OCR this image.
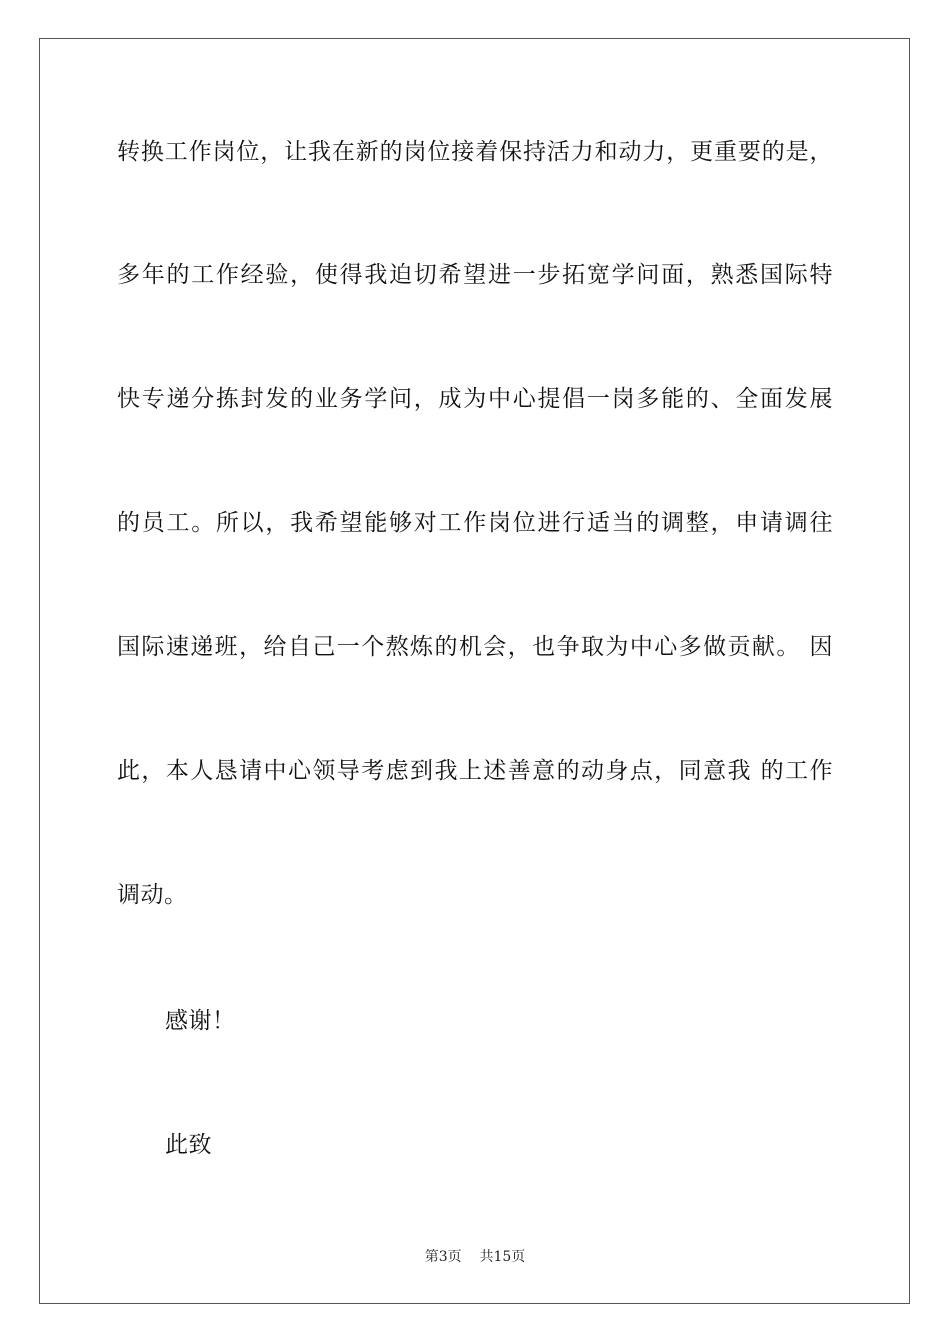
转换工作岗位，让我在新的岗位接着保持活力和动力，更重要的是，
多年的工作经验，使得我迫切希望进一步拓宽学问面，熟悉国际特
快专递分拣封发的业务学问，成为中心提倡一岗多能的、全面发展
的员工。所以，我希望能够对工作岗位进行适当的调整，申请调往
国际速递班，给自己一个熬炼的机会，也争取为中心多做贡献。 因
此，本人恳请中心领导考虑到我上述善意的动身点，同意我 的工作
调动。
感谢！
此致
第3页 共15页
